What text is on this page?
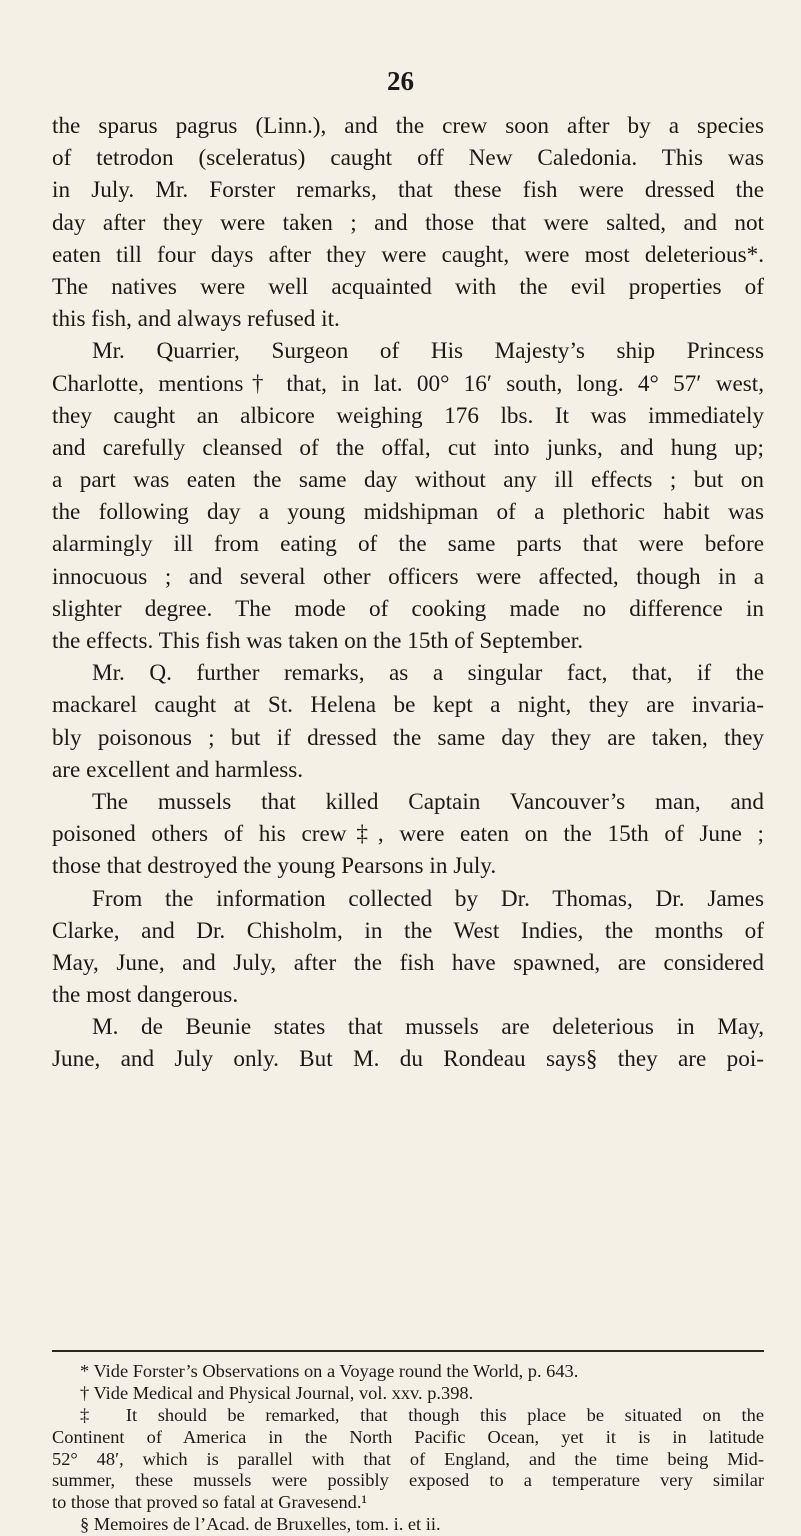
26
the sparus pagrus (Linn.), and the crew soon after by a species
of tetrodon (sceleratus) caught off New Caledonia. This was
in July. Mr. Forster remarks, that these fish were dressed the
day after they were taken ; and those that were salted, and not
eaten till four days after they were caught, were most deleterious*.
The natives were well acquainted with the evil properties of
this fish, and always refused it.
Mr. Quarrier, Surgeon of His Majesty’s ship Princess
Charlotte, mentions† that, in lat. 00° 16′ south, long. 4° 57′ west,
they caught an albicore weighing 176 lbs. It was immediately
and carefully cleansed of the offal, cut into junks, and hung up;
a part was eaten the same day without any ill effects ; but on
the following day a young midshipman of a plethoric habit was
alarmingly ill from eating of the same parts that were before
innocuous ; and several other officers were affected, though in a
slighter degree. The mode of cooking made no difference in
the effects. This fish was taken on the 15th of September.
Mr. Q. further remarks, as a singular fact, that, if the
mackarel caught at St. Helena be kept a night, they are invaria-
bly poisonous ; but if dressed the same day they are taken, they
are excellent and harmless.
The mussels that killed Captain Vancouver’s man, and
poisoned others of his crew‡, were eaten on the 15th of June ;
those that destroyed the young Pearsons in July.
From the information collected by Dr. Thomas, Dr. James
Clarke, and Dr. Chisholm, in the West Indies, the months of
May, June, and July, after the fish have spawned, are considered
the most dangerous.
M. de Beunie states that mussels are deleterious in May,
June, and July only. But M. du Rondeau says§ they are poi-
* Vide Forster’s Observations on a Voyage round the World, p. 643.
† Vide Medical and Physical Journal, vol. xxv. p.398.
‡ It should be remarked, that though this place be situated on the
Continent of America in the North Pacific Ocean, yet it is in latitude
52° 48′, which is parallel with that of England, and the time being Mid-
summer, these mussels were possibly exposed to a temperature very similar
to those that proved so fatal at Gravesend.¹
§ Memoires de l’Acad. de Bruxelles, tom. i. et ii.
